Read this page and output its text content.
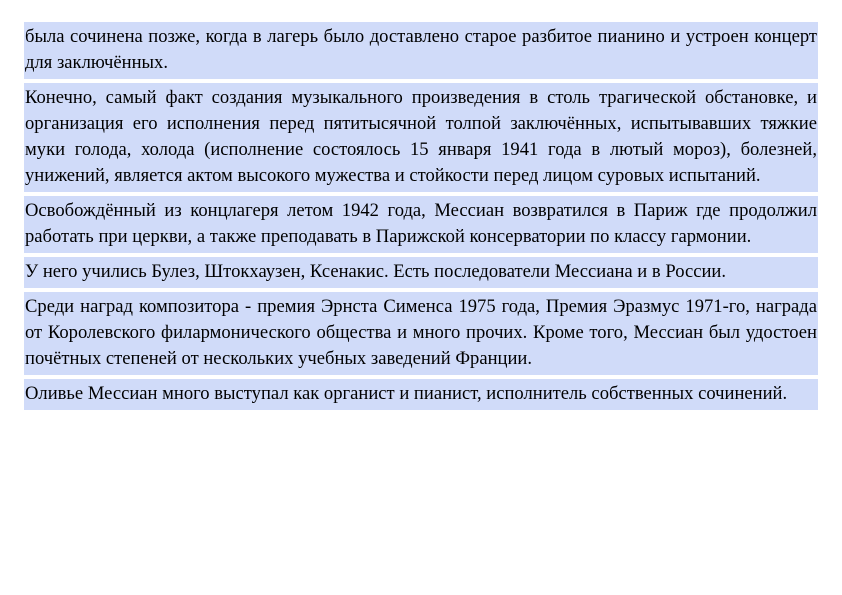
была сочинена позже, когда в лагерь было доставлено старое разбитое пианино и устроен концерт для заключённых.

Конечно, самый факт создания музыкального произведения в столь трагической обстановке, и организация его исполнения перед пятитысячной толпой заключённых, испытывавших тяжкие муки голода, холода (исполнение состоялось 15 января 1941 года в лютый мороз), болезней, унижений, является актом высокого мужества и стойкости перед лицом суровых испытаний.

Освобождённый из концлагеря летом 1942 года, Мессиан возвратился в Париж где продолжил работать при церкви, а также преподавать в Парижской консерватории по классу гармонии.

У него учились Булез, Штокхаузен, Ксенакис. Есть последователи Мессиана и в России.

Среди наград композитора - премия Эрнста Сименса 1975 года, Премия Эразмус 1971-го, награда от Королевского филармонического общества и много прочих. Кроме того, Мессиан был удостоен почётных степеней от нескольких учебных заведений Франции.

Оливье Мессиан много выступал как органист и пианист, исполнитель собственных сочинений.
